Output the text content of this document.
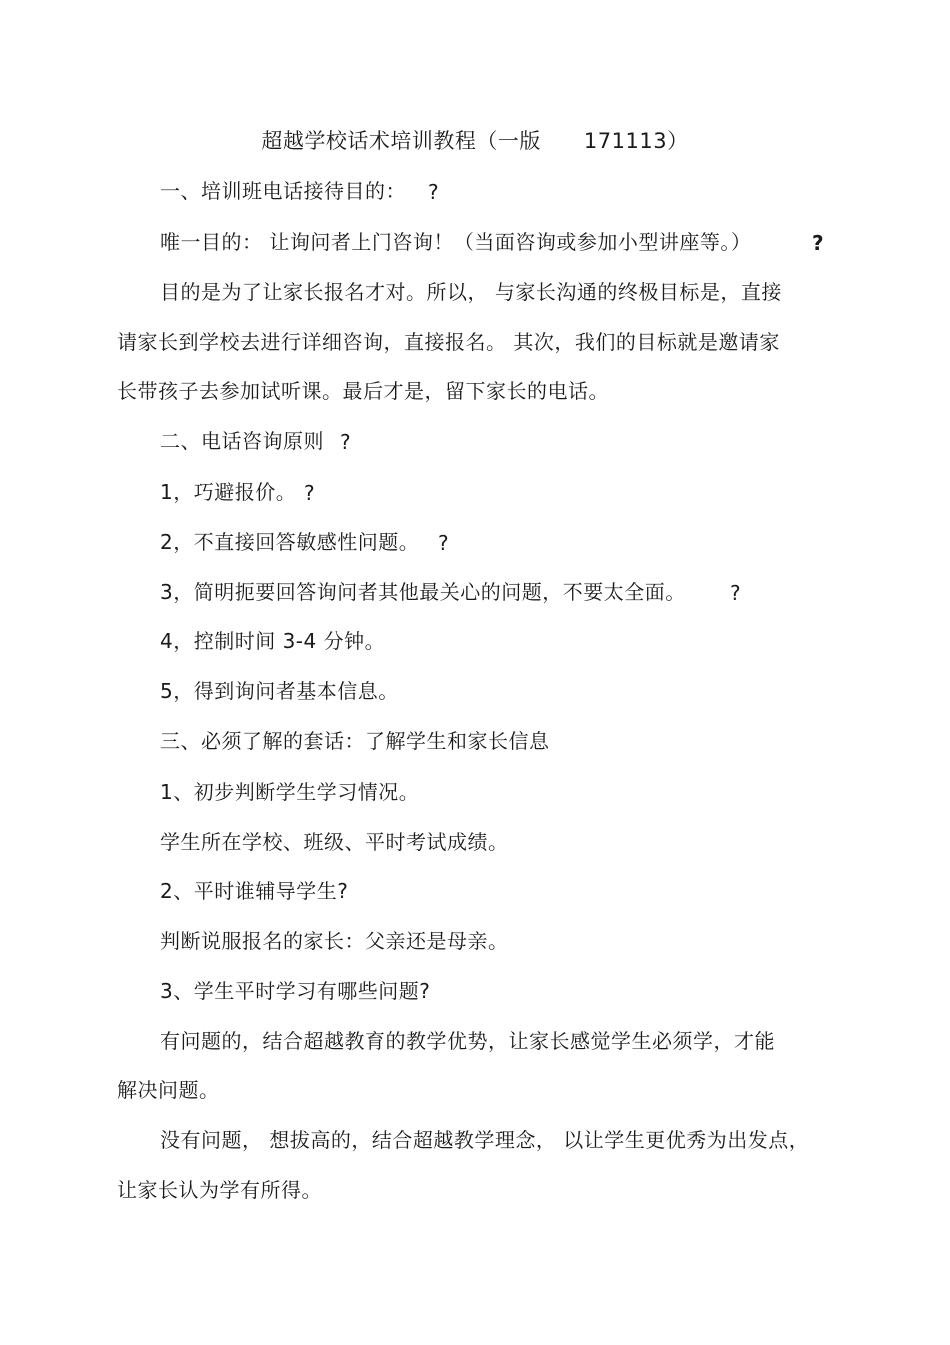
超越学校话术培训教程（一版　　171113）
一、培训班电话接待目的： ?
唯一目的： 让询问者上门咨询！（当面咨询或参加小型讲座等。）	?
目的是为了让家长报名才对。所以， 与家长沟通的终极目标是，直接
请家长到学校去进行详细咨询，直接报名。 其次，我们的目标就是邀请家
长带孩子去参加试听课。最后才是，留下家长的电话。
二、电话咨询原则 ?
1，巧避报价。 ?
2，不直接回答敏感性问题。 ?
3，简明扼要回答询问者其他最关心的问题，不要太全面。 ?
4，控制时间 3-4 分钟。
5，得到询问者基本信息。
三、必须了解的套话：了解学生和家长信息
1、初步判断学生学习情况。
学生所在学校、班级、平时考试成绩。
2、平时谁辅导学生?
判断说服报名的家长：父亲还是母亲。
3、学生平时学习有哪些问题?
有问题的，结合超越教育的教学优势，让家长感觉学生必须学，才能
解决问题。
没有问题， 想拔高的，结合超越教学理念， 以让学生更优秀为出发点，
让家长认为学有所得。
